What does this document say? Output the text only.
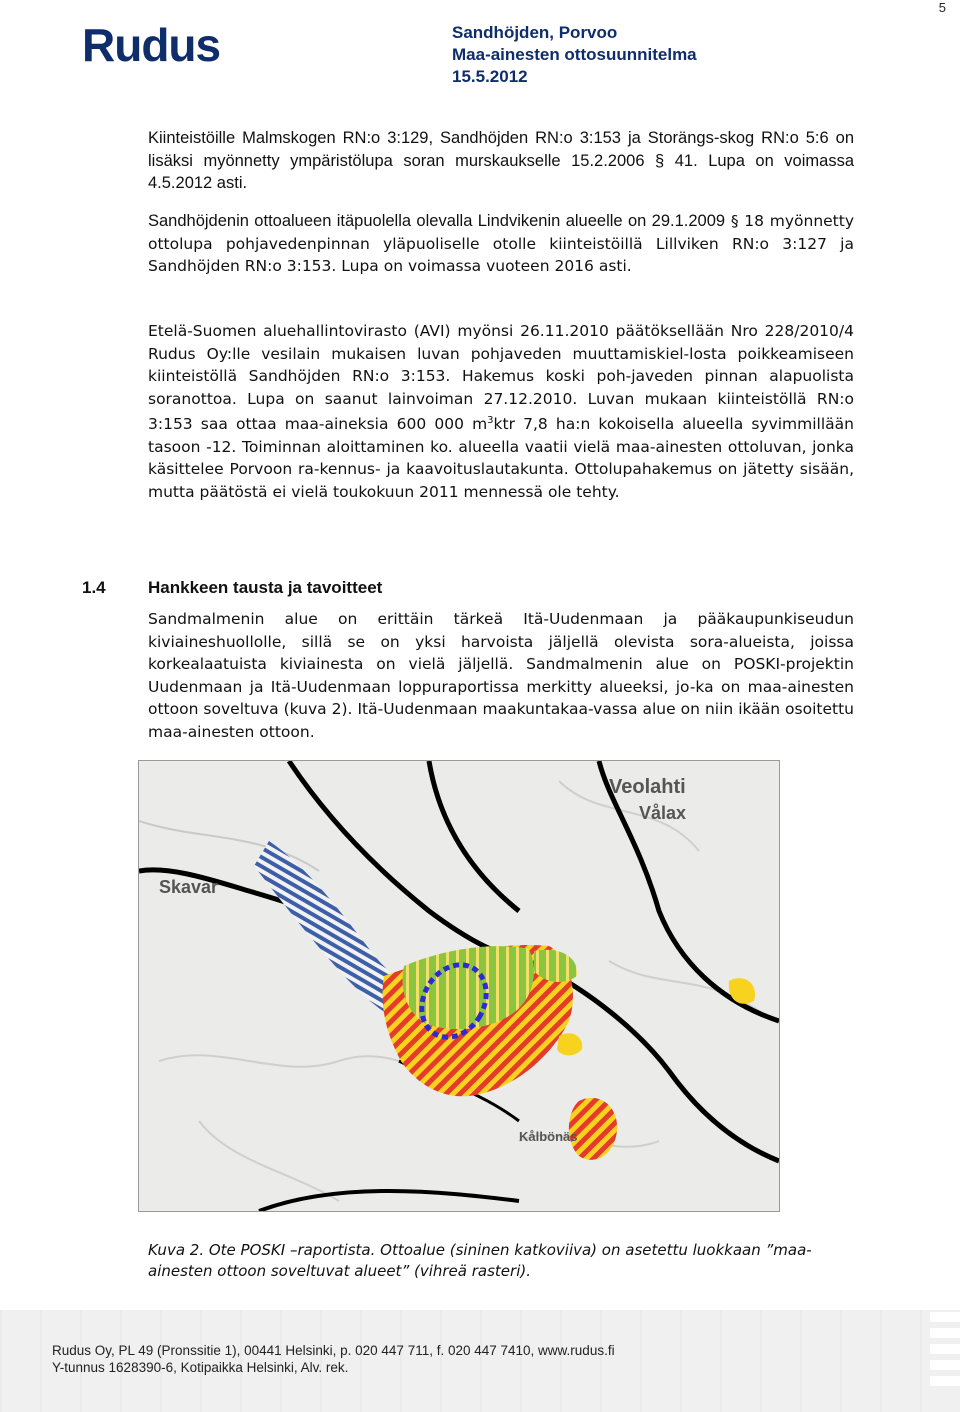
Rudus	Sandhöjden, Porvoo
Maa-ainesten ottosuunnitelma
15.5.2012
5

Kiinteistöille Malmskogen RN:o 3:129, Sandhöjden RN:o 3:153 ja Storängs-skog RN:o 5:6 on lisäksi myönnetty ympäristölupa soran murskaukselle 15.2.2006 § 41. Lupa on voimassa 4.5.2012 asti.

Sandhöjdenin ottoalueen itäpuolella olevalla Lindvikenin alueelle on 29.1.2009 § 18 myönnetty ottolupa pohjavedenpinnan yläpuoliselle otolle kiinteistöillä Lillviken RN:o 3:127 ja Sandhöjden RN:o 3:153. Lupa on voimassa vuoteen 2016 asti.

Etelä-Suomen aluehallintovirasto (AVI) myönsi 26.11.2010 päätöksellään Nro 228/2010/4 Rudus Oy:lle vesilain mukaisen luvan pohjaveden muuttamiskiel-losta poikkeamiseen kiinteistöllä Sandhöjden RN:o 3:153. Hakemus koski poh-javeden pinnan alapuolista soranottoa. Lupa on saanut lainvoiman 27.12.2010. Luvan mukaan kiinteistöllä RN:o 3:153 saa ottaa maa-aineksia 600 000 $m^3ktr$ 7,8 ha:n kokoisella alueella syvimmillään tasoon -12. Toiminnan aloittaminen ko. alueella vaatii vielä maa-ainesten ottoluvan, jonka käsittelee Porvoon ra-kennus- ja kaavoituslautakunta. Ottolupahakemus on jätetty sisään, mutta päätöstä ei vielä toukokuun 2011 mennessä ole tehty.

1.4 Hankkeen tausta ja tavoitteet

Sandmalmenin alue on erittäin tärkeä Itä-Uudenmaan ja pääkaupunkiseudun kiviaineshuollolle, sillä se on yksi harvoista jäljellä olevista sora-alueista, joissa korkealaatuista kiviainesta on vielä jäljellä. Sandmalmenin alue on POSKI-projektin Uudenmaan ja Itä-Uudenmaan loppuraportissa merkitty alueeksi, jo-ka on maa-ainesten ottoon soveltuva (kuva 2). Itä-Uudenmaan maakuntakaa-vassa alue on niin ikään osoitettu maa-ainesten ottoon.

Veolahti
Vålax
Skavar
Kålbönäs

Kuva 2. Ote POSKI –raportista. Ottoalue (sininen katkoviiva) on asetettu luokkaan ”maa-ainesten ottoon soveltuvat alueet” (vihreä rasteri).

Rudus Oy, PL 49 (Pronssitie 1), 00441 Helsinki, p. 020 447 711, f. 020 447 7410, www.rudus.fi
Y-tunnus 1628390-6, Kotipaikka Helsinki, Alv. rek.
